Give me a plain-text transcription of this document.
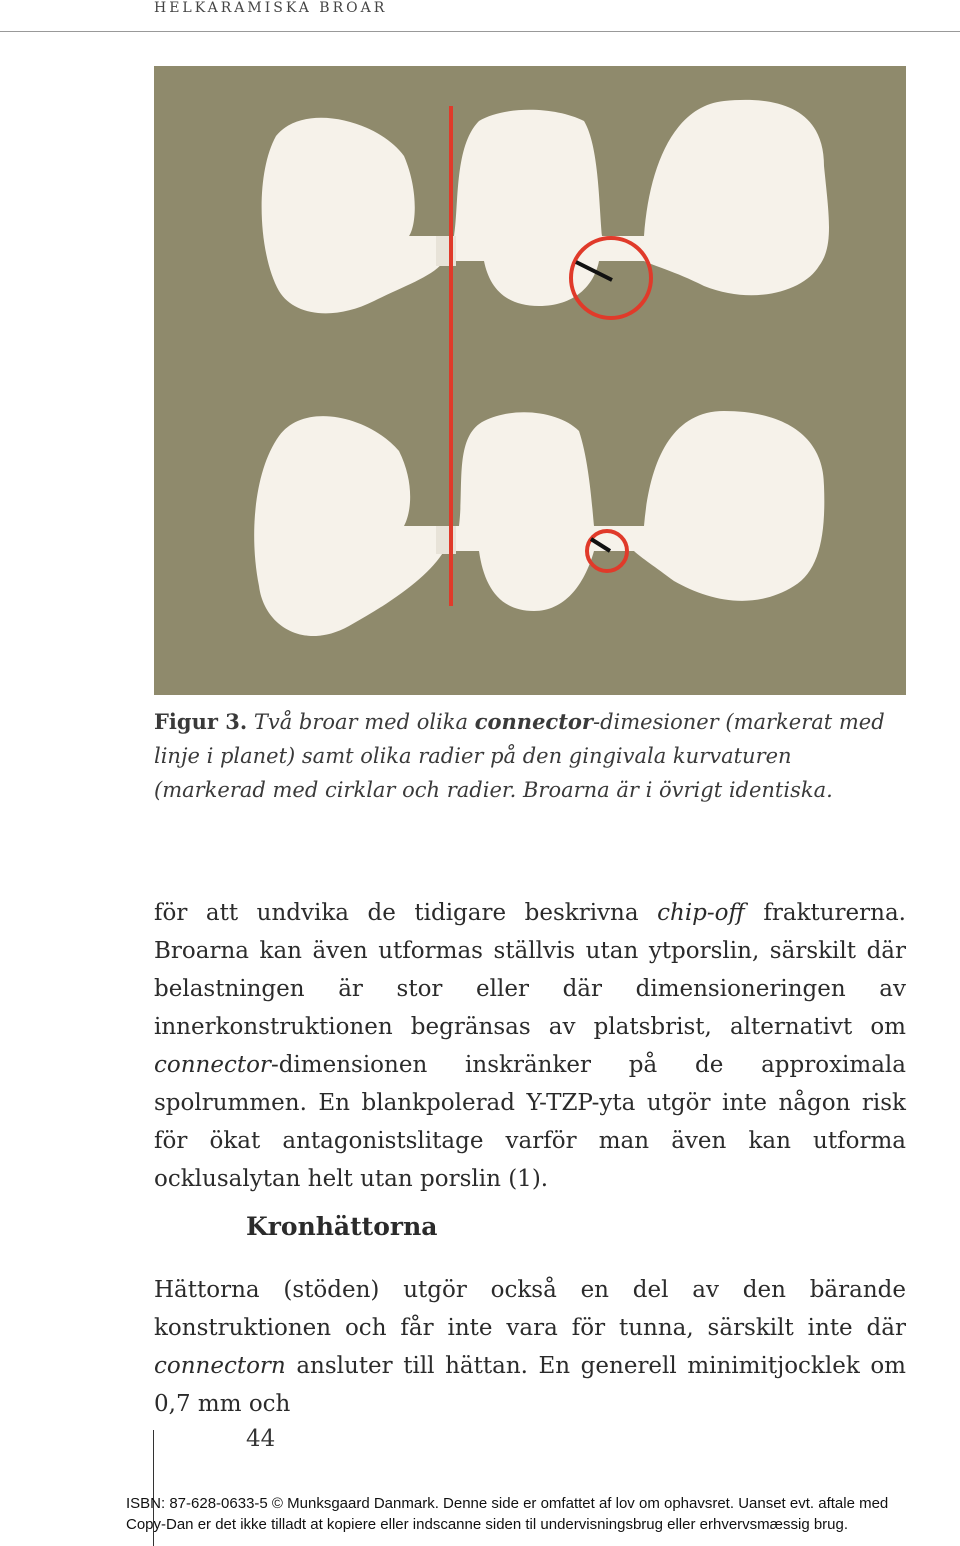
HELKARAMISKA BROAR
Figur 3. Två broar med olika connector-dimesioner (markerat med linje i planet) samt olika radier på den gingivala kurvaturen (markerad med cirklar och radier. Broarna är i övrigt identiska.
för att undvika de tidigare beskrivna chip-off frakturerna. Broarna kan även utformas ställvis utan ytporslin, särskilt där belastningen är stor eller där dimensioneringen av innerkonstruktionen begränsas av platsbrist, alternativt om connector-dimensionen inskränker på de approximala spolrummen. En blankpolerad Y-TZP-yta utgör inte någon risk för ökat antagonistslitage varför man även kan utforma ocklusalytan helt utan porslin (1).
Kronhättorna
Hättorna (stöden) utgör också en del av den bärande konstruktionen och får inte vara för tunna, särskilt inte där connectorn ansluter till hättan. En generell minimitjocklek om 0,7 mm och
44
ISBN: 87-628-0633-5 © Munksgaard Danmark. Denne side er omfattet af lov om ophavsret. Uanset evt. aftale med
Copy-Dan er det ikke tilladt at kopiere eller indscanne siden til undervisningsbrug eller erhvervsmæssig brug.
